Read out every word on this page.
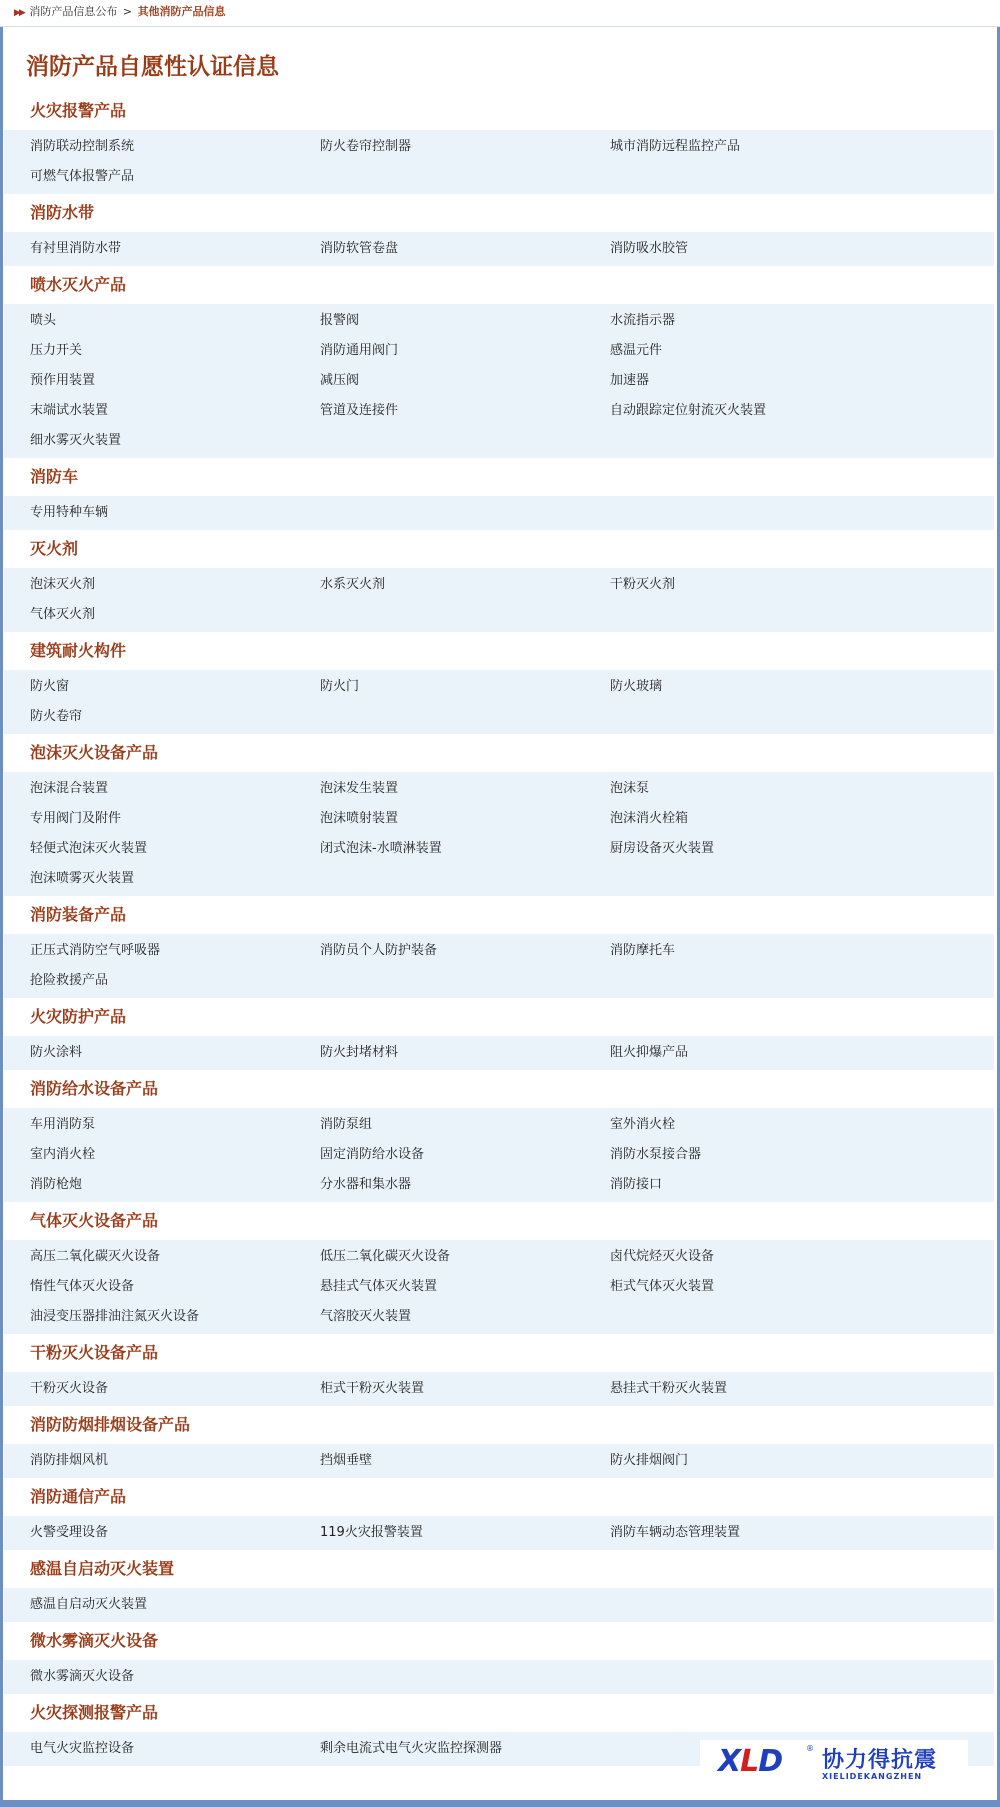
▶▶ 消防产品信息公布 > 其他消防产品信息
消防产品自愿性认证信息
火灾报警产品
消防联动控制系统	防火卷帘控制器	城市消防远程监控产品
可燃气体报警产品
消防水带
有衬里消防水带	消防软管卷盘	消防吸水胶管
喷水灭火产品
喷头	报警阀	水流指示器
压力开关	消防通用阀门	感温元件
预作用装置	减压阀	加速器
末端试水装置	管道及连接件	自动跟踪定位射流灭火装置
细水雾灭火装置
消防车
专用特种车辆
灭火剂
泡沫灭火剂	水系灭火剂	干粉灭火剂
气体灭火剂
建筑耐火构件
防火窗	防火门	防火玻璃
防火卷帘
泡沫灭火设备产品
泡沫混合装置	泡沫发生装置	泡沫泵
专用阀门及附件	泡沫喷射装置	泡沫消火栓箱
轻便式泡沫灭火装置	闭式泡沫-水喷淋装置	厨房设备灭火装置
泡沫喷雾灭火装置
消防装备产品
正压式消防空气呼吸器	消防员个人防护装备	消防摩托车
抢险救援产品
火灾防护产品
防火涂料	防火封堵材料	阻火抑爆产品
消防给水设备产品
车用消防泵	消防泵组	室外消火栓
室内消火栓	固定消防给水设备	消防水泵接合器
消防枪炮	分水器和集水器	消防接口
气体灭火设备产品
高压二氧化碳灭火设备	低压二氧化碳灭火设备	卤代烷烃灭火设备
惰性气体灭火设备	悬挂式气体灭火装置	柜式气体灭火装置
油浸变压器排油注氮灭火设备	气溶胶灭火装置
干粉灭火设备产品
干粉灭火设备	柜式干粉灭火装置	悬挂式干粉灭火装置
消防防烟排烟设备产品
消防排烟风机	挡烟垂壁	防火排烟阀门
消防通信产品
火警受理设备	119火灾报警装置	消防车辆动态管理装置
感温自启动灭火装置
感温自启动灭火装置
微水雾滴灭火设备
微水雾滴灭火设备
火灾探测报警产品
电气火灾监控设备	剩余电流式电气火灾监控探测器	XLD	® 协力得抗震
XIELIDEKANGZHEN
